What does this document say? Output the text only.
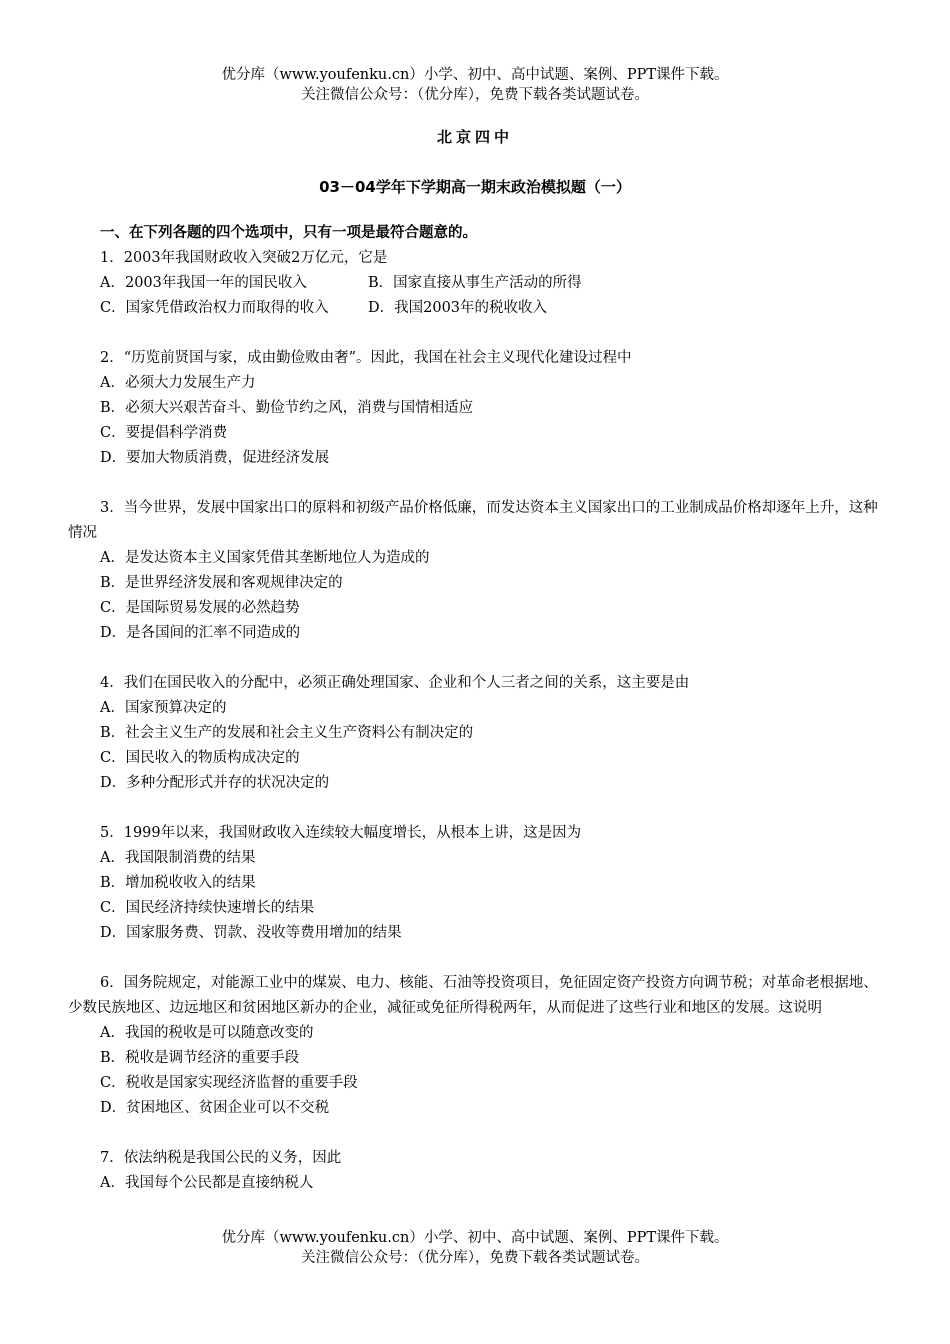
优分库（www.youfenku.cn）小学、初中、高中试题、案例、PPT课件下载。
关注微信公众号：（优分库），免费下载各类试题试卷。
北京四中
03－04学年下学期高一期末政治模拟题（一）
一、在下列各题的四个选项中，只有一项是最符合题意的。
1．2003年我国财政收入突破2万亿元，它是
A．2003年我国一年的国民收入	B．国家直接从事生产活动的所得
C．国家凭借政治权力而取得的收入	D．我国2003年的税收收入
2．“历览前贤国与家，成由勤俭败由奢”。因此，我国在社会主义现代化建设过程中
A．必须大力发展生产力
B．必须大兴艰苦奋斗、勤俭节约之风，消费与国情相适应
C．要提倡科学消费
D．要加大物质消费，促进经济发展
3．当今世界，发展中国家出口的原料和初级产品价格低廉，而发达资本主义国家出口的工业制成品价格却逐年上升，这种情况
A．是发达资本主义国家凭借其垄断地位人为造成的
B．是世界经济发展和客观规律决定的
C．是国际贸易发展的必然趋势
D．是各国间的汇率不同造成的
4．我们在国民收入的分配中，必须正确处理国家、企业和个人三者之间的关系，这主要是由
A．国家预算决定的
B．社会主义生产的发展和社会主义生产资料公有制决定的
C．国民收入的物质构成决定的
D．多种分配形式并存的状况决定的
5．1999年以来，我国财政收入连续较大幅度增长，从根本上讲，这是因为
A．我国限制消费的结果
B．增加税收收入的结果
C．国民经济持续快速增长的结果
D．国家服务费、罚款、没收等费用增加的结果
6．国务院规定，对能源工业中的煤炭、电力、核能、石油等投资项目，免征固定资产投资方向调节税；对革命老根据地、少数民族地区、边远地区和贫困地区新办的企业，减征或免征所得税两年，从而促进了这些行业和地区的发展。这说明
A．我国的税收是可以随意改变的
B．税收是调节经济的重要手段
C．税收是国家实现经济监督的重要手段
D．贫困地区、贫困企业可以不交税
7．依法纳税是我国公民的义务，因此
A．我国每个公民都是直接纳税人
优分库（www.youfenku.cn）小学、初中、高中试题、案例、PPT课件下载。
关注微信公众号：（优分库），免费下载各类试题试卷。
